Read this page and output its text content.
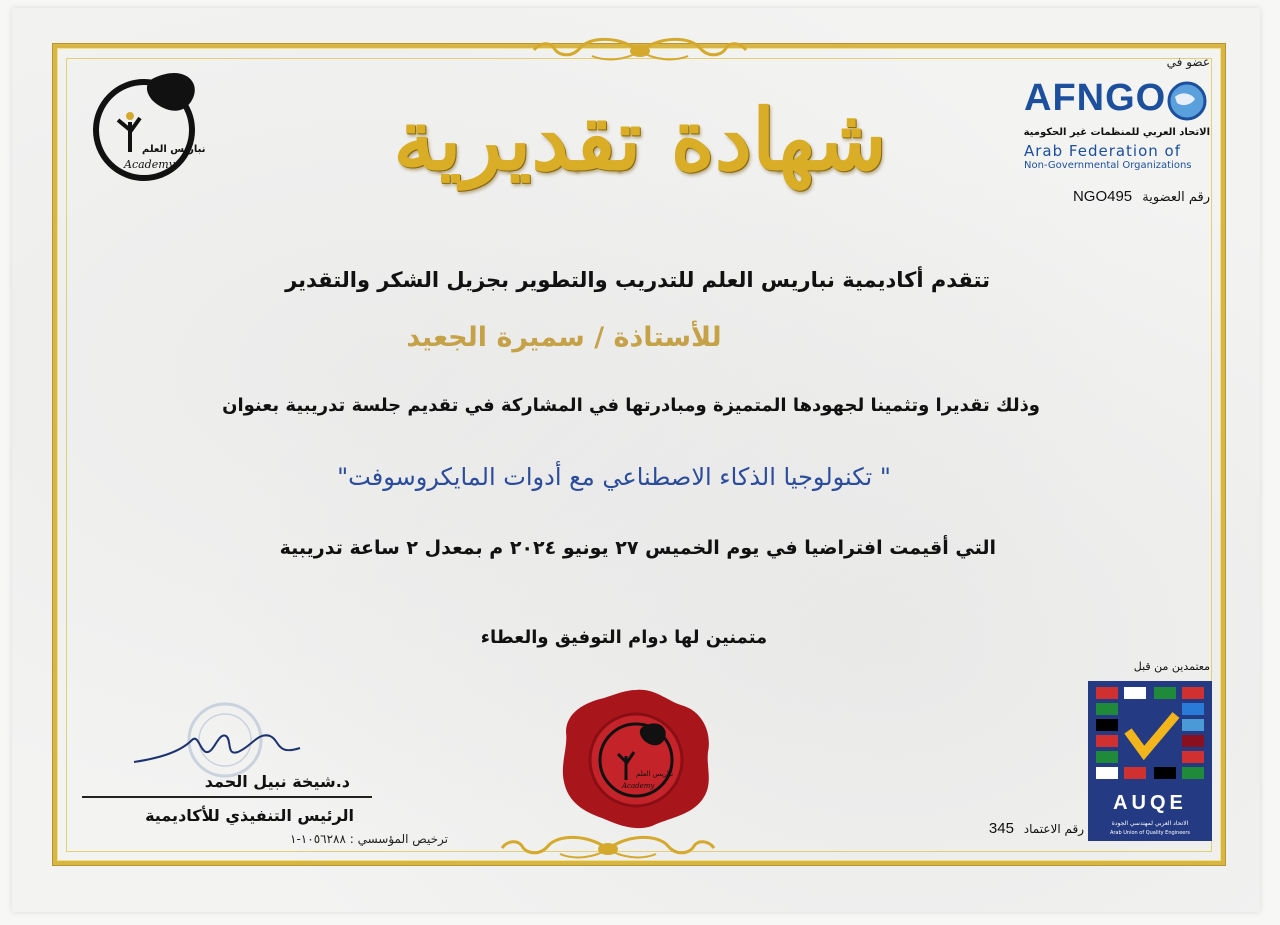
نباريس العلم
Academy	شهادة تقديرية
عضو في
AFNGO
الاتحاد العربي للمنظمات غير الحكومية
Arab Federation of
Non-Governmental Organizations
رقم العضوية NGO495
تتقدم أكاديمية نباريس العلم للتدريب والتطوير بجزيل الشكر والتقدير
للأستاذة / سميرة الجعيد
وذلك تقديرا وتثمينا لجهودها المتميزة ومبادرتها في المشاركة في تقديم جلسة تدريبية بعنوان
" تكنولوجيا الذكاء الاصطناعي مع أدوات المايكروسوفت"
التي أقيمت افتراضيا في يوم الخميس ٢٧ يونيو ٢٠٢٤ م بمعدل ٢ ساعة تدريبية
متمنين لها دوام التوفيق والعطاء
د.شيخة نبيل الحمد
الرئيس التنفيذي للأكاديمية
ترخيص المؤسسي : ١٠٥٦٢٨٨-١
نباريس العلم
Academy
معتمدين من قبل
AUQE
الاتحاد العربي لمهندسي الجودة
Arab Union of Quality Engineers
رقم الاعتماد 345
